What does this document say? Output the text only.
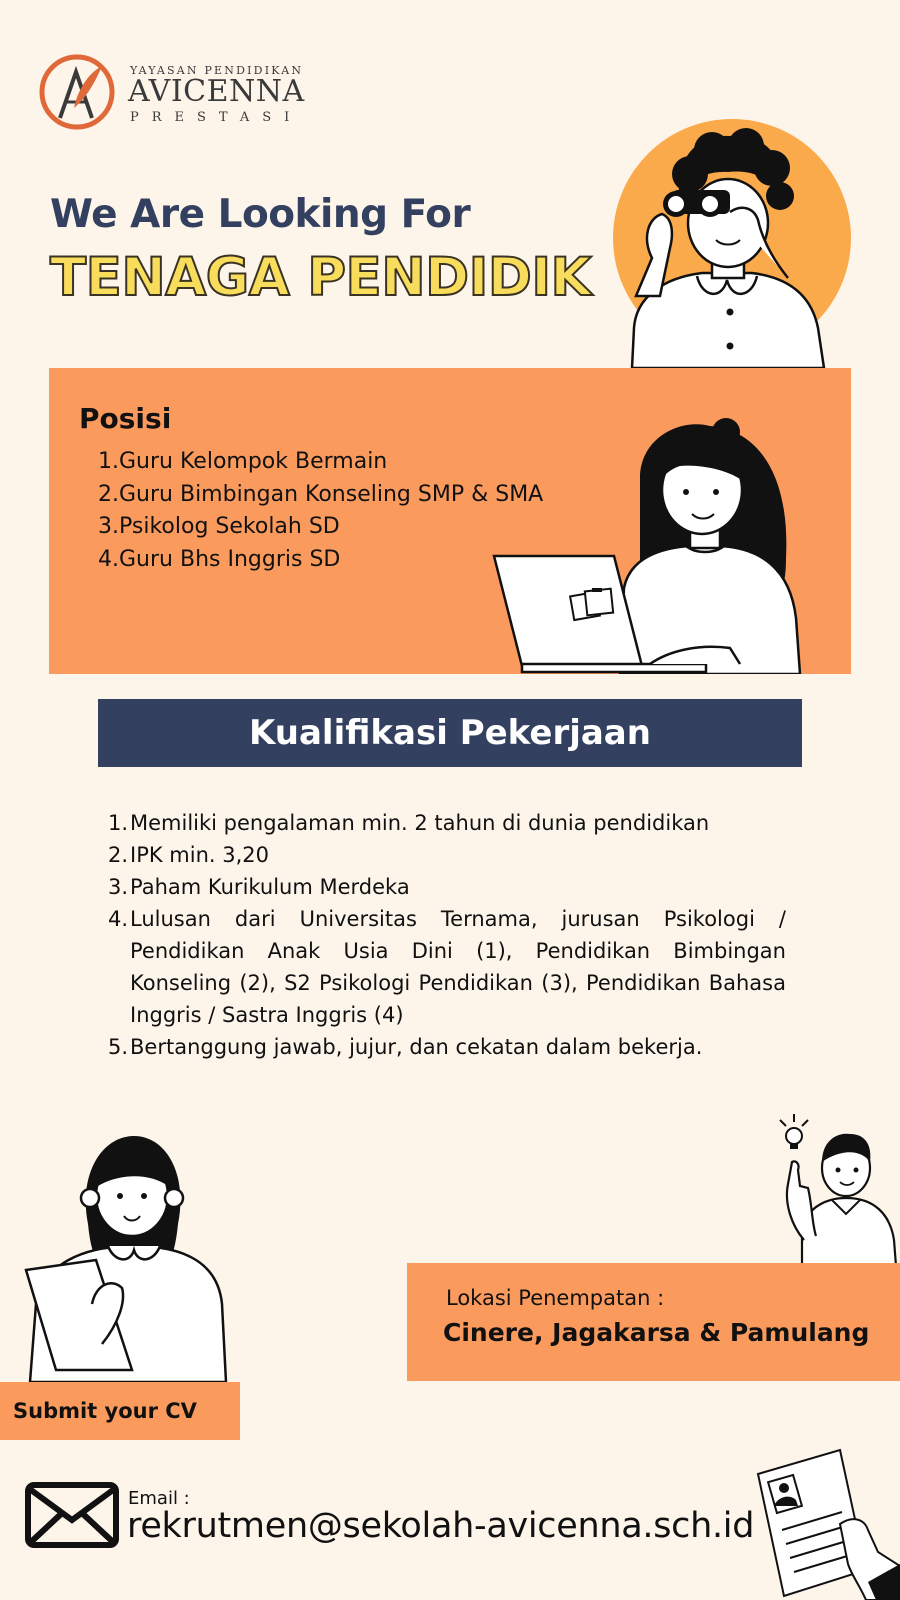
YAYASAN PENDIDIKAN
AVICENNA
PRESTASI
We Are Looking For
TENAGA PENDIDIK
Posisi
1.Guru Kelompok Bermain
2.Guru Bimbingan Konseling SMP & SMA
3.Psikolog Sekolah SD
4.Guru Bhs Inggris SD
Kualifikasi Pekerjaan
1. Memiliki pengalaman min. 2 tahun di dunia pendidikan
2. IPK min. 3,20
3. Paham Kurikulum Merdeka
4. Lulusan dari Universitas Ternama, jurusan Psikologi / Pendidikan Anak Usia Dini (1), Pendidikan Bimbingan Konseling (2), S2 Psikologi Pendidikan (3), Pendidikan Bahasa Inggris / Sastra Inggris (4)
5. Bertanggung jawab, jujur, dan cekatan dalam bekerja.
Lokasi Penempatan :
Cinere, Jagakarsa & Pamulang
Submit your CV
Email :
rekrutmen@sekolah-avicenna.sch.id
